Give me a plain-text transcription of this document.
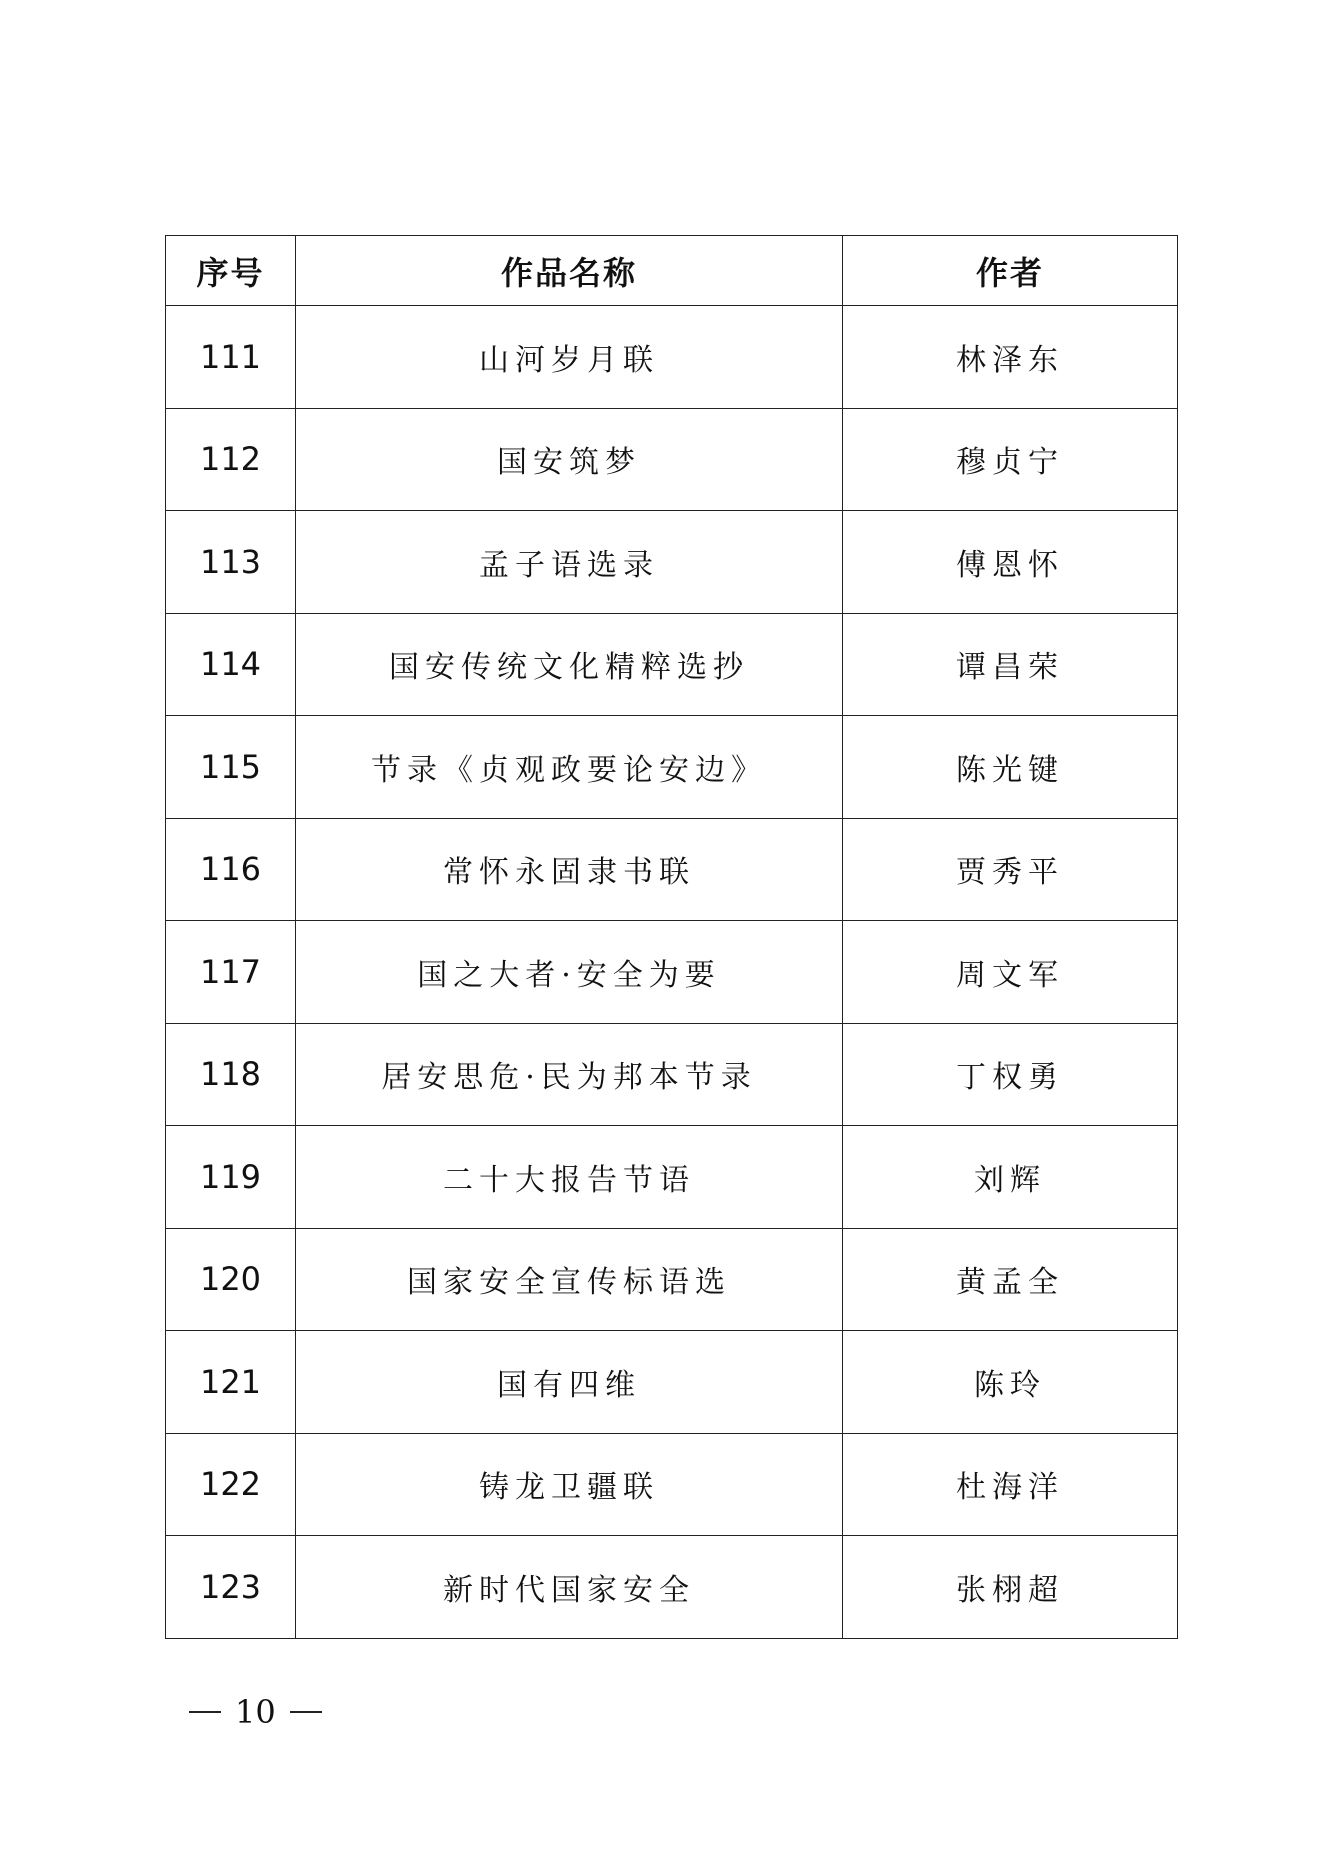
序号	作品名称	作者
111	山河岁月联	林泽东
112	国安筑梦	穆贞宁
113	孟子语选录	傅恩怀
114	国安传统文化精粹选抄	谭昌荣
115	节录《贞观政要论安边》	陈光键
116	常怀永固隶书联	贾秀平
117	国之大者·安全为要	周文军
118	居安思危·民为邦本节录	丁权勇
119	二十大报告节语	刘辉
120	国家安全宣传标语选	黄孟全
121	国有四维	陈玲
122	铸龙卫疆联	杜海洋
123	新时代国家安全	张栩超
10
